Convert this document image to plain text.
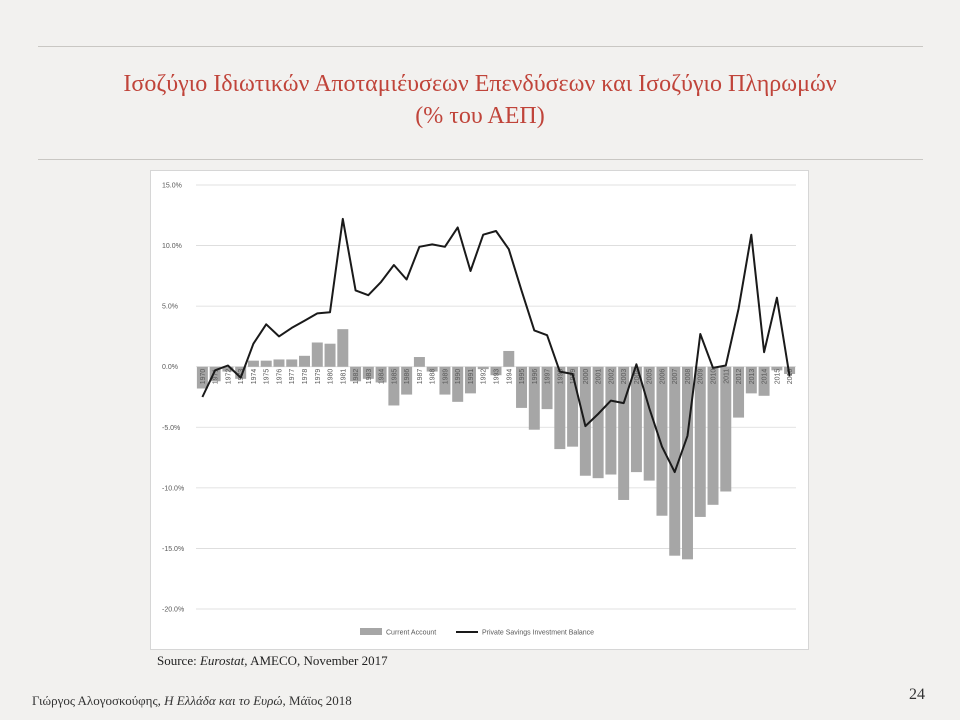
Ισοζύγιο Ιδιωτικών Αποταμιέυσεων Επενδύσεων και Ισοζύγιο Πληρωμών
(% του ΑΕΠ)
15.0%
10.0%
5.0%
0.0%
-5.0%
-10.0%
-15.0%
-20.0%
1970 1971 1972 1973 1974 1975 1976 1977 1978 1979 1980 1981 1982 1983 1984 1985 1986 1987 1988 1989 1990 1991 1992 1993 1994 1995 1996 1997 1998 1999 2000 2001 2002 2003 2004 2005 2006 2007 2008 2009 2010 2011 2012 2013 2014 2015 2016
Current Account	Private Savings Investment Balance
Source: Eurostat, AMECO, November 2017
Γιώργος Αλογοσκούφης, Η Ελλάδα και το Ευρώ, Μάϊος 2018	24
